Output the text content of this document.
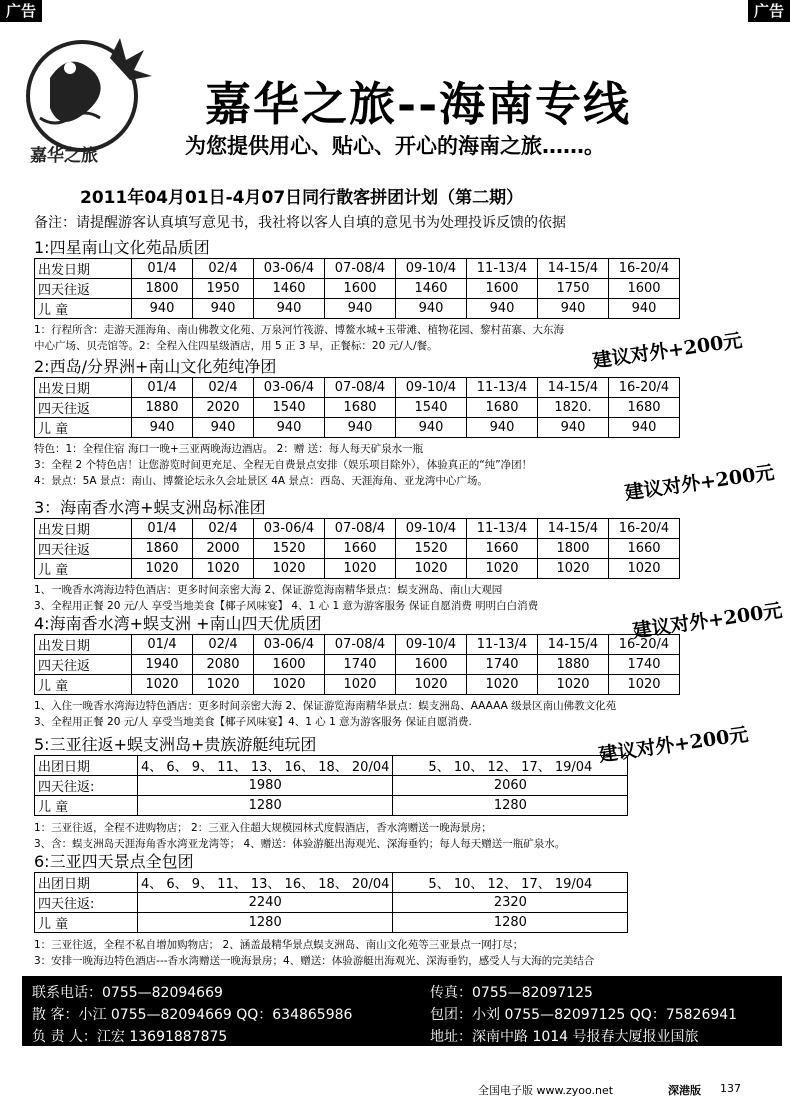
广告	广告
嘉华之旅
嘉华之旅--海南专线
为您提供用心、贴心、开心的海南之旅……。
2011年04月01日-4月07日同行散客拼团计划（第二期）
备注：请提醒游客认真填写意见书，我社将以客人自填的意见书为处理投诉反馈的依据
1:四星南山文化苑品质团
出发日期	01/4	02/4	03-06/4	07-08/4	09-10/4	11-13/4	14-15/4	16-20/4
四天往返	1800	1950	1460	1600	1460	1600	1750	1600
儿 童	940	940	940	940	940	940	940	940
1：行程所含：走游天涯海角、南山佛教文化苑、万泉河竹筏游、博鳌水城+玉带滩、植物花园、黎村苗寨、大东海
中心广场、贝壳馆等。2：全程入住四星级酒店，用 5 正 3 早，正餐标：20 元/人/餐。	建议对外+200元
2:西岛/分界洲+南山文化苑纯净团
出发日期	01/4	02/4	03-06/4	07-08/4	09-10/4	11-13/4	14-15/4	16-20/4
四天往返	1880	2020	1540	1680	1540	1680	1820.	1680
儿 童	940	940	940	940	940	940	940	940
特色：1：全程住宿 海口一晚+三亚两晚海边酒店。 2：赠 送：每人每天矿泉水一瓶
3：全程 2 个特色店！让您游览时间更充足、全程无自费景点安排（娱乐项目除外），体验真正的“纯”净团！
4：景点：5A 景点：南山、博鳌论坛永久会址景区 4A 景点：西岛、天涯海角、亚龙湾中心广场。	建议对外+200元
3：海南香水湾+蜈支洲岛标准团
出发日期	01/4	02/4	03-06/4	07-08/4	09-10/4	11-13/4	14-15/4	16-20/4
四天往返	1860	2000	1520	1660	1520	1660	1800	1660
儿 童	1020	1020	1020	1020	1020	1020	1020	1020
1、一晚香水湾海边特色酒店：更多时间亲密大海 2、保证游览海南精华景点：蜈支洲岛、南山大观园
3、全程用正餐 20 元/人 享受当地美食【椰子风味宴】 4、1 心 1 意为游客服务 保证自愿消费 明明白白消费	建议对外+200元
4:海南香水湾+蜈支洲 +南山四天优质团
出发日期	01/4	02/4	03-06/4	07-08/4	09-10/4	11-13/4	14-15/4	16-20/4
四天往返	1940	2080	1600	1740	1600	1740	1880	1740
儿 童	1020	1020	1020	1020	1020	1020	1020	1020
1、入住一晚香水湾海边特色酒店：更多时间亲密大海 2、保证游览海南精华景点：蜈支洲岛、AAAAA 级景区南山佛教文化苑
3、全程用正餐 20 元/人 享受当地美食【椰子风味宴】4、1 心 1 意为游客服务 保证自愿消费.
建议对外+200元
5:三亚往返+蜈支洲岛+贵族游艇纯玩团
出团日期	4、 6、 9、 11、 13、 16、 18、 20/04	5、 10、 12、 17、 19/04
四天往返:	1980	2060
儿 童	1280	1280
1：三亚往返，全程不进购物店； 2：三亚入住超大规模园林式度假酒店，香水湾赠送一晚海景房；
3、含：蜈支洲岛天涯海角香水湾亚龙湾等； 4、赠送：体验游艇出海观光、深海垂钓；每人每天赠送一瓶矿泉水。
6:三亚四天景点全包团
出团日期	4、 6、 9、 11、 13、 16、 18、 20/04	5、 10、 12、 17、 19/04
四天往返:	2240	2320
儿 童	1280	1280
1：三亚往返，全程不私自增加购物店； 2、涵盖最精华景点蜈支洲岛、南山文化苑等三亚景点一网打尽；
3：安排一晚海边特色酒店---香水湾赠送一晚海景房；4、赠送：体验游艇出海观光、深海垂钓，感受人与大海的完美结合
联系电话：0755—82094669	传真：0755—82097125
散 客：小江 0755—82094669 QQ：634865986	包团：小刘 0755—82097125 QQ：75826941
负 责 人：江宏 13691887875	地址：深南中路 1014 号报春大厦报业国旅
全国电子版 www.zyoo.net	深港版 137
